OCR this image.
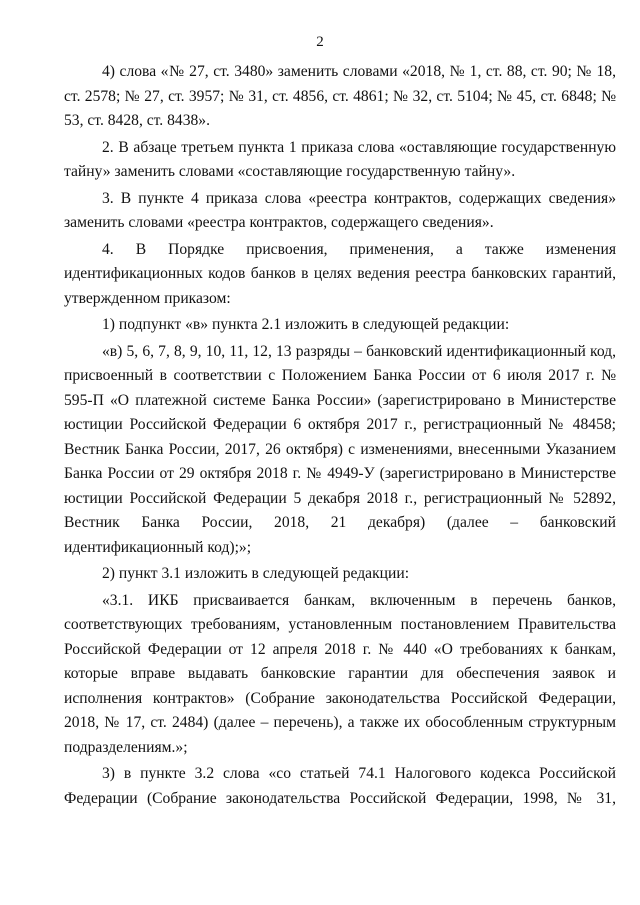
2

4) слова «№ 27, ст. 3480» заменить словами «2018, № 1, ст. 88, ст. 90; № 18, ст. 2578; № 27, ст. 3957; № 31, ст. 4856, ст. 4861; № 32, ст. 5104; № 45, ст. 6848; № 53, ст. 8428, ст. 8438».

2. В абзаце третьем пункта 1 приказа слова «оставляющие государственную тайну» заменить словами «составляющие государственную тайну».

3. В пункте 4 приказа слова «реестра контрактов, содержащих сведения» заменить словами «реестра контрактов, содержащего сведения».

4. В Порядке присвоения, применения, а также изменения идентификационных кодов банков в целях ведения реестра банковских гарантий, утвержденном приказом:

1) подпункт «в» пункта 2.1 изложить в следующей редакции:

«в) 5, 6, 7, 8, 9, 10, 11, 12, 13 разряды – банковский идентификационный код, присвоенный в соответствии с Положением Банка России от 6 июля 2017 г. № 595-П «О платежной системе Банка России» (зарегистрировано в Министерстве юстиции Российской Федерации 6 октября 2017 г., регистрационный № 48458; Вестник Банка России, 2017, 26 октября) с изменениями, внесенными Указанием Банка России от 29 октября 2018 г. № 4949-У (зарегистрировано в Министерстве юстиции Российской Федерации 5 декабря 2018 г., регистрационный № 52892, Вестник Банка России, 2018, 21 декабря) (далее – банковский идентификационный код);»;

2) пункт 3.1 изложить в следующей редакции:

«3.1. ИКБ присваивается банкам, включенным в перечень банков, соответствующих требованиям, установленным постановлением Правительства Российской Федерации от 12 апреля 2018 г. № 440 «О требованиях к банкам, которые вправе выдавать банковские гарантии для обеспечения заявок и исполнения контрактов» (Собрание законодательства Российской Федерации, 2018, № 17, ст. 2484) (далее – перечень), а также их обособленным структурным подразделениям.»;

3) в пункте 3.2 слова «со статьей 74.1 Налогового кодекса Российской Федерации (Собрание законодательства Российской Федерации, 1998, № 31,
